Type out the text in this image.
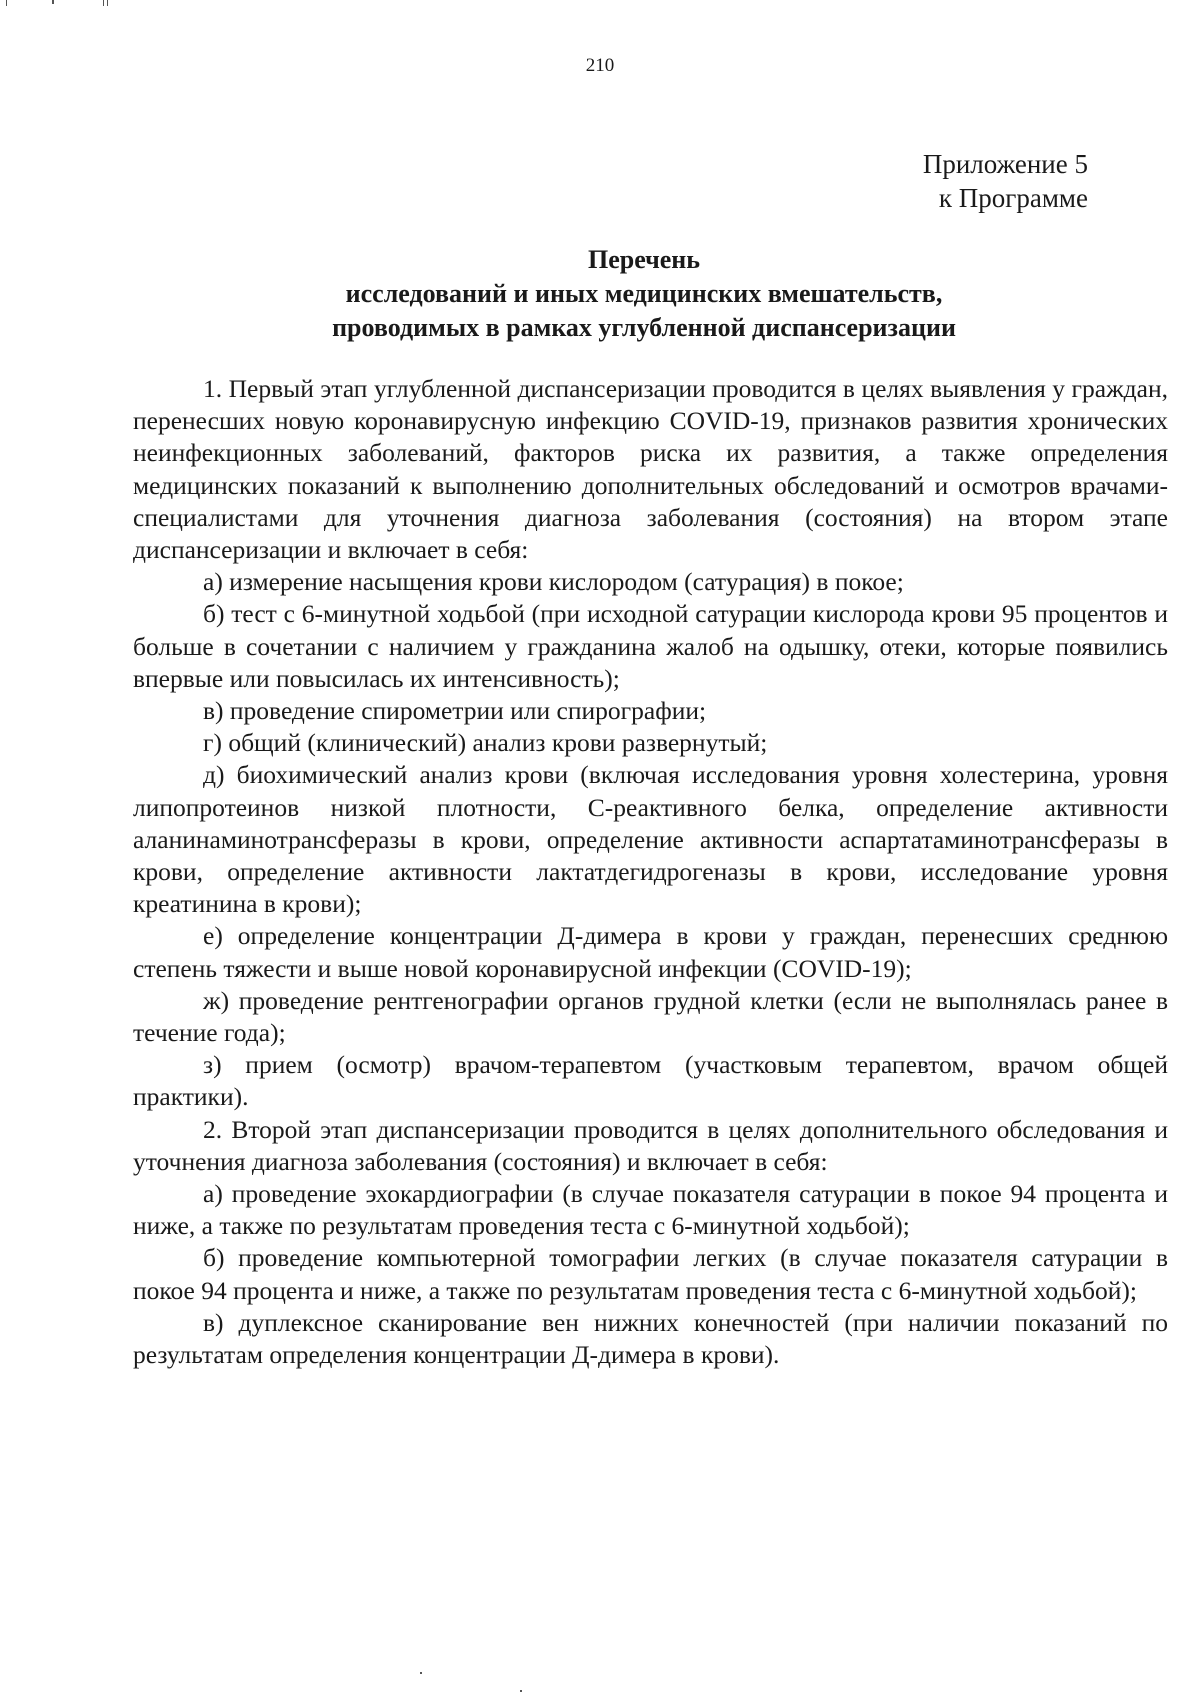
210
Приложение 5
к Программе
Перечень
исследований и иных медицинских вмешательств,
проводимых в рамках углубленной диспансеризации

1. Первый этап углубленной диспансеризации проводится в целях выявления у граждан, перенесших новую коронавирусную инфекцию COVID-19, признаков развития хронических неинфекционных заболеваний, факторов риска их развития, а также определения медицинских показаний к выполнению дополнительных обследований и осмотров врачами-специалистами для уточнения диагноза заболевания (состояния) на втором этапе диспансеризации и включает в себя:

а) измерение насыщения крови кислородом (сатурация) в покое;

б) тест с 6-минутной ходьбой (при исходной сатурации кислорода крови 95 процентов и больше в сочетании с наличием у гражданина жалоб на одышку, отеки, которые появились впервые или повысилась их интенсивность);

в) проведение спирометрии или спирографии;

г) общий (клинический) анализ крови развернутый;

д) биохимический анализ крови (включая исследования уровня холестерина, уровня липопротеинов низкой плотности, С-реактивного белка, определение активности аланинаминотрансферазы в крови, определение активности аспартатаминотрансферазы в крови, определение активности лактатдегидрогеназы в крови, исследование уровня креатинина в крови);

е) определение концентрации Д-димера в крови у граждан, перенесших среднюю степень тяжести и выше новой коронавирусной инфекции (COVID-19);

ж) проведение рентгенографии органов грудной клетки (если не выполнялась ранее в течение года);

з) прием (осмотр) врачом-терапевтом (участковым терапевтом, врачом общей практики).

2. Второй этап диспансеризации проводится в целях дополнительного обследования и уточнения диагноза заболевания (состояния) и включает в себя:

а) проведение эхокардиографии (в случае показателя сатурации в покое 94 процента и ниже, а также по результатам проведения теста с 6-минутной ходьбой);

б) проведение компьютерной томографии легких (в случае показателя сатурации в покое 94 процента и ниже, а также по результатам проведения теста с 6-минутной ходьбой);

в) дуплексное сканирование вен нижних конечностей (при наличии показаний по результатам определения концентрации Д-димера в крови).
